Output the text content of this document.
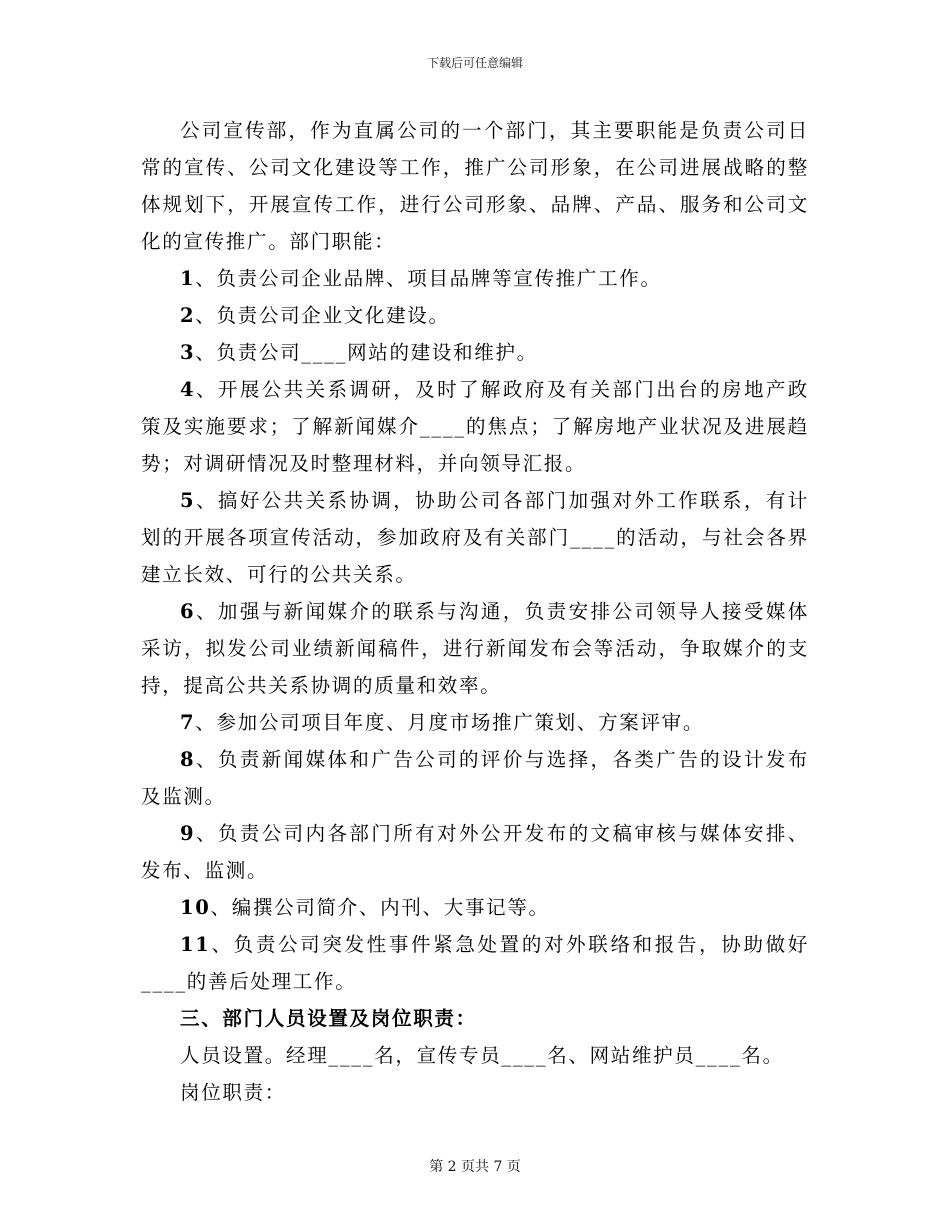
下载后可任意编辑

公司宣传部，作为直属公司的一个部门，其主要职能是负责公司日常的宣传、公司文化建设等工作，推广公司形象，在公司进展战略的整体规划下，开展宣传工作，进行公司形象、品牌、产品、服务和公司文化的宣传推广。部门职能：

1、负责公司企业品牌、项目品牌等宣传推广工作。

2、负责公司企业文化建设。

3、负责公司____网站的建设和维护。

4、开展公共关系调研，及时了解政府及有关部门出台的房地产政策及实施要求；了解新闻媒介____的焦点；了解房地产业状况及进展趋势；对调研情况及时整理材料，并向领导汇报。

5、搞好公共关系协调，协助公司各部门加强对外工作联系，有计划的开展各项宣传活动，参加政府及有关部门____的活动，与社会各界建立长效、可行的公共关系。

6、加强与新闻媒介的联系与沟通，负责安排公司领导人接受媒体采访，拟发公司业绩新闻稿件，进行新闻发布会等活动，争取媒介的支持，提高公共关系协调的质量和效率。

7、参加公司项目年度、月度市场推广策划、方案评审。

8、负责新闻媒体和广告公司的评价与选择，各类广告的设计发布及监测。

9、负责公司内各部门所有对外公开发布的文稿审核与媒体安排、发布、监测。

10、编撰公司简介、内刊、大事记等。

11、负责公司突发性事件紧急处置的对外联络和报告，协助做好____的善后处理工作。

三、部门人员设置及岗位职责：

人员设置。经理____名，宣传专员____名、网站维护员____名。

岗位职责：

第 2 页共 7 页
